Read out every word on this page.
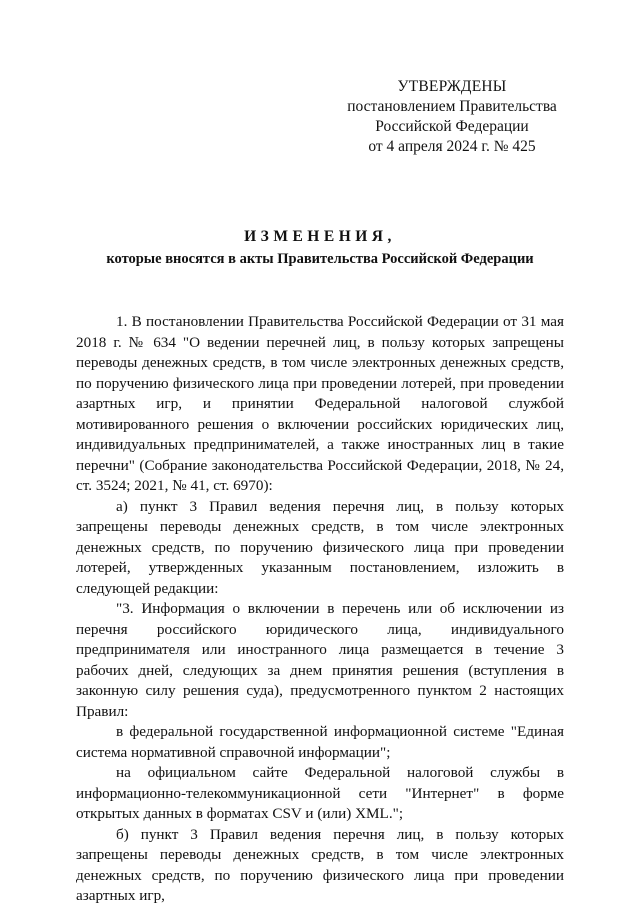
УТВЕРЖДЕНЫ
постановлением Правительства
Российской Федерации
от 4 апреля 2024 г. № 425
ИЗМЕНЕНИЯ,
которые вносятся в акты Правительства Российской Федерации

1. В постановлении Правительства Российской Федерации от 31 мая 2018 г. № 634 "О ведении перечней лиц, в пользу которых запрещены переводы денежных средств, в том числе электронных денежных средств, по поручению физического лица при проведении лотерей, при проведении азартных игр, и принятии Федеральной налоговой службой мотивированного решения о включении российских юридических лиц, индивидуальных предпринимателей, а также иностранных лиц в такие перечни" (Собрание законодательства Российской Федерации, 2018, № 24, ст. 3524; 2021, № 41, ст. 6970):

а) пункт 3 Правил ведения перечня лиц, в пользу которых запрещены переводы денежных средств, в том числе электронных денежных средств, по поручению физического лица при проведении лотерей, утвержденных указанным постановлением, изложить в следующей редакции:

"3. Информация о включении в перечень или об исключении из перечня российского юридического лица, индивидуального предпринимателя или иностранного лица размещается в течение 3 рабочих дней, следующих за днем принятия решения (вступления в законную силу решения суда), предусмотренного пунктом 2 настоящих Правил:

в федеральной государственной информационной системе "Единая система нормативной справочной информации";

на официальном сайте Федеральной налоговой службы в информационно-телекоммуникационной сети "Интернет" в форме открытых данных в форматах CSV и (или) XML.";

б) пункт 3 Правил ведения перечня лиц, в пользу которых запрещены переводы денежных средств, в том числе электронных денежных средств, по поручению физического лица при проведении азартных игр,
